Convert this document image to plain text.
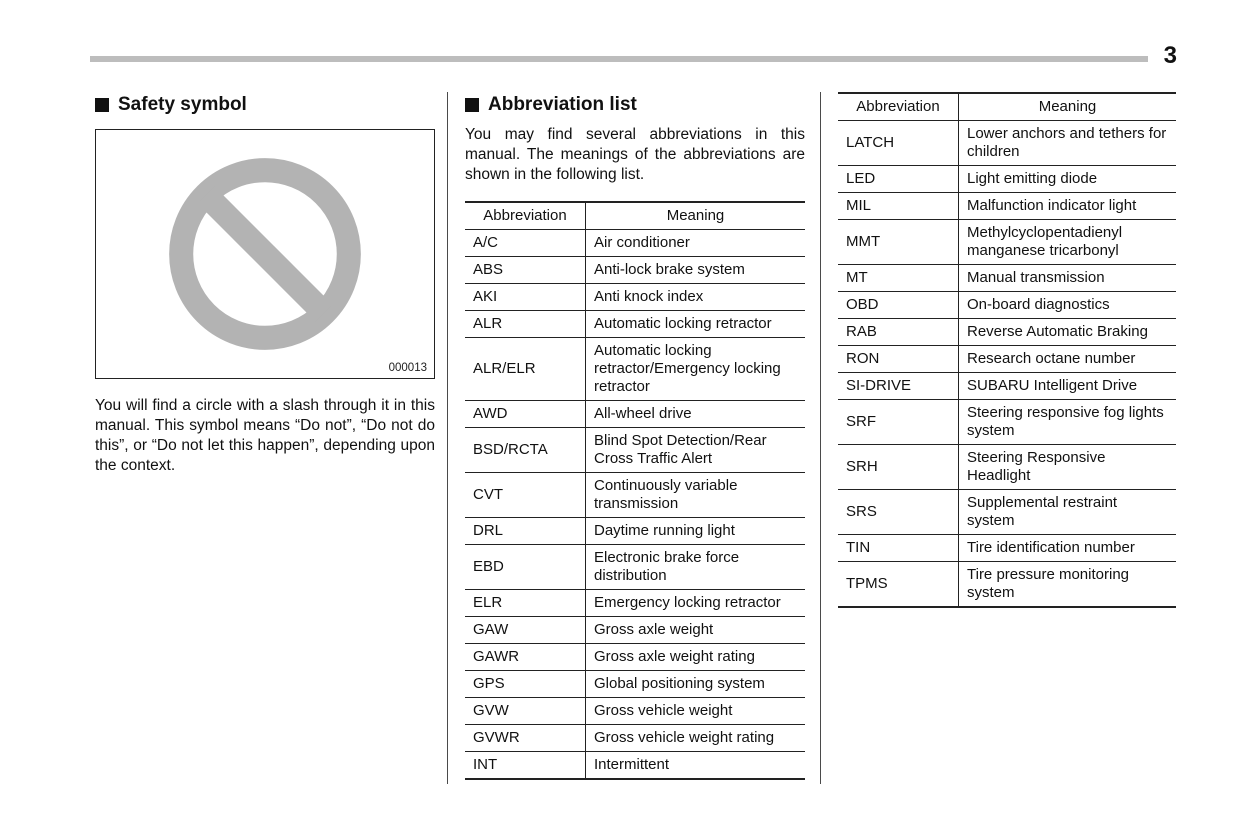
3
Safety symbol
000013

You will find a circle with a slash through it in this manual. This symbol means “Do not”, “Do not do this”, or “Do not let this happen”, depending upon the context.

Abbreviation list

You may find several abbreviations in this manual. The meanings of the abbreviations are shown in the following list.

Abbreviation	Meaning
A/C	Air conditioner
ABS	Anti-lock brake system
AKI	Anti knock index
ALR	Automatic locking retractor
ALR/ELR	Automatic locking retractor/Emergency locking retractor
AWD	All-wheel drive
BSD/RCTA	Blind Spot Detection/Rear Cross Traffic Alert
CVT	Continuously variable transmission
DRL	Daytime running light
EBD	Electronic brake force distribution
ELR	Emergency locking retractor
GAW	Gross axle weight
GAWR	Gross axle weight rating
GPS	Global positioning system
GVW	Gross vehicle weight
GVWR	Gross vehicle weight rating
INT	Intermittent
Abbreviation	Meaning
LATCH	Lower anchors and tethers for children
LED	Light emitting diode
MIL	Malfunction indicator light
MMT	Methylcyclopentadienyl manganese tricarbonyl
MT	Manual transmission
OBD	On-board diagnostics
RAB	Reverse Automatic Braking
RON	Research octane number
SI-DRIVE	SUBARU Intelligent Drive
SRF	Steering responsive fog lights system
SRH	Steering Responsive Headlight
SRS	Supplemental restraint system
TIN	Tire identification number
TPMS	Tire pressure monitoring system
